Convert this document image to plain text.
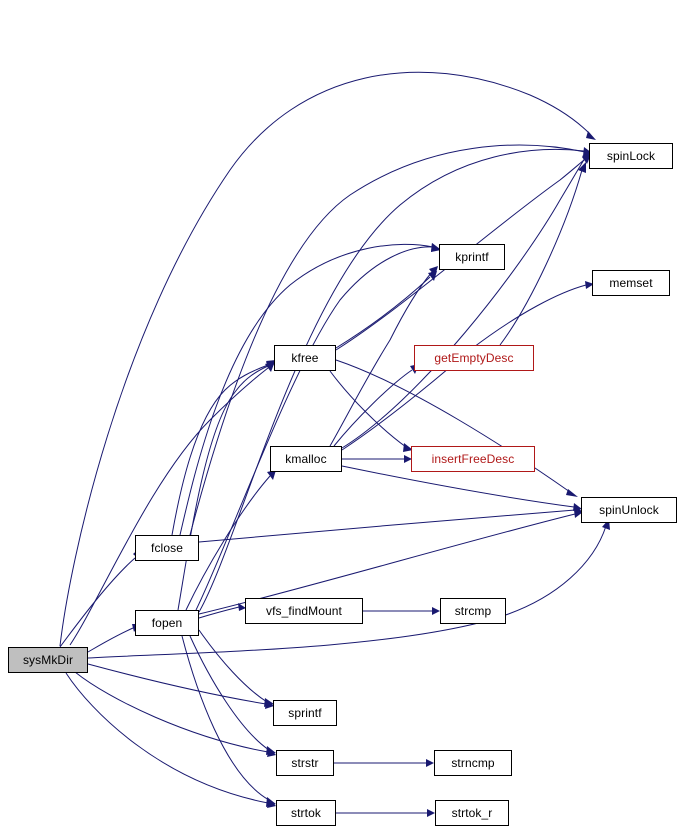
sysMkDir
fclose
fopen
kfree
kmalloc
kprintf
getEmptyDesc
insertFreeDesc
memset
spinLock
spinUnlock
vfs_findMount	strcmp
sprintf
strstr	strncmp
strtok	strtok_r
